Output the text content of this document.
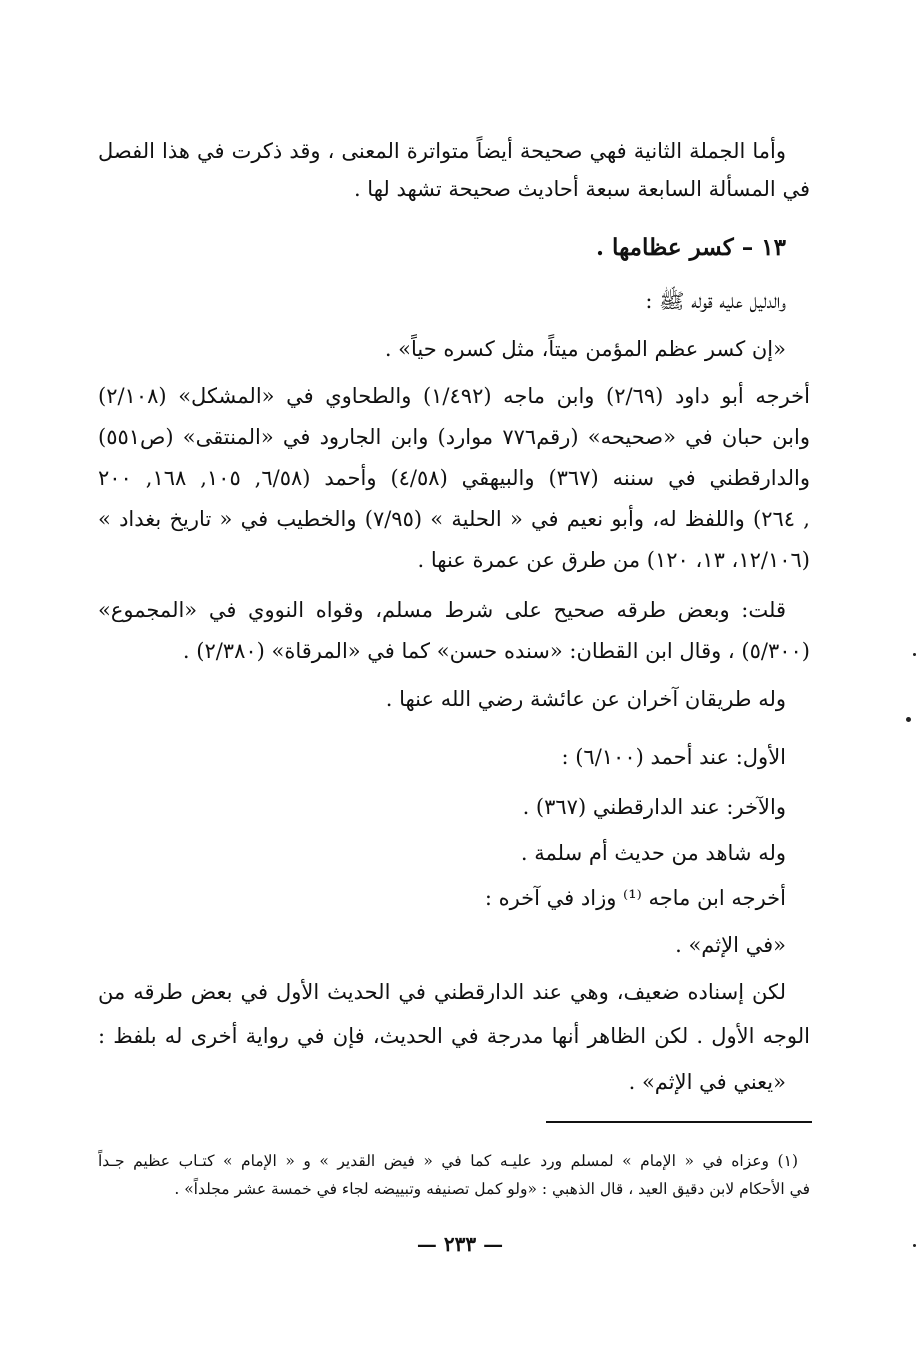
وأما الجملة الثانية فهي صحيحة أيضاً متواترة المعنى ، وقد ذكرت في هذا الفصل
في المسألة السابعة سبعة أحاديث صحيحة تشهد لها .
١٣ – كسر عظامها .
والدليل عليه قوله ﷺ :
«إن كسر عظم المؤمن ميتاً، مثل كسره حياً» .
أخرجه أبو داود (٢/٦٩) وابن ماجه (١/٤٩٢) والطحاوي في «المشكل» (٢/١٠٨)
وابن حبان في «صحيحه» (رقم٧٧٦ موارد) وابن الجارود في «المنتقى» (ص٥٥١)
والدارقطني في سننه (٣٦٧) والبيهقي (٤/٥٨) وأحمد (٦/٥٨, ١٠٥, ١٦٨, ٢٠٠
, ٢٦٤) واللفظ له، وأبو نعيم في « الحلية » (٧/٩٥) والخطيب في « تاريخ بغداد »
(١٢/١٠٦، ١٣، ١٢٠) من طرق عن عمرة عنها .
قلت: وبعض طرقه صحيح على شرط مسلم، وقواه النووي في «المجموع»
(٥/٣٠٠) ، وقال ابن القطان: «سنده حسن» كما في «المرقاة» (٢/٣٨٠) .
وله طريقان آخران عن عائشة رضي الله عنها .
الأول: عند أحمد (٦/١٠٠) :
والآخر: عند الدارقطني (٣٦٧) .
وله شاهد من حديث أم سلمة .
أخرجه ابن ماجه ⁽¹⁾ وزاد في آخره :
«في الإثم» .
لكن إسناده ضعيف، وهي عند الدارقطني في الحديث الأول في بعض طرقه من
الوجه الأول . لكن الظاهر أنها مدرجة في الحديث، فإن في رواية أخرى له بلفظ :
«يعني في الإثم» .
(١) وعزاه في « الإمام » لمسلم ورد عليـه كما في « فيض القدير » و « الإمام » كتـاب عظيم جـداً
في الأحكام لابن دقيق العيد ، قال الذهبي : «ولو كمل تصنيفه وتبييضه لجاء في خمسة عشر مجلداً» .
— ٢٣٣ —
